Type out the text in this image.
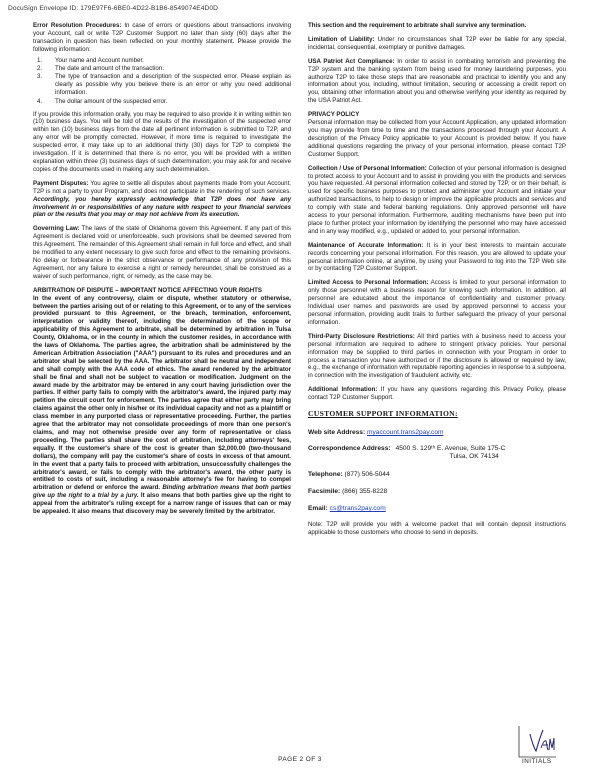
DocuSign Envelope ID: 179E97F6-6BE0-4D22-B1B6-8549074E4D0D
Error Resolution Procedures: In case of errors or questions about transactions involving your Account, call or write T2P Customer Support no later than sixty (60) days after the transaction in question has been reflected on your monthly statement. Please provide the following information:
1.	Your name and Account number.
2.	The date and amount of the transaction.
3.	The type of transaction and a description of the suspected error. Please explain as clearly as possible why you believe there is an error or why you need additional information.
4.	The dollar amount of the suspected error.
If you provide this information orally, you may be required to also provide it in writing within ten (10) business days. You will be told of the results of the investigation of the suspected error within ten (10) business days from the date all pertinent information is submitted to T2P, and any error will be promptly corrected. However, if more time is required to investigate the suspected error, it may take up to an additional thirty (30) days for T2P to complete the investigation. If it is determined that there is no error, you will be provided with a written explanation within three (3) business days of such determination; you may ask for and receive copies of the documents used in making any such determination.
Payment Disputes: You agree to settle all disputes about payments made from your Account. T2P is not a party to your Program, and does not participate in the rendering of such services. Accordingly, you hereby expressly acknowledge that T2P does not have any involvement in or responsibilities of any nature with respect to your financial services plan or the results that you may or may not achieve from its execution.
Governing Law: The laws of the state of Oklahoma govern this Agreement. If any part of this Agreement is declared void or unenforceable, such provisions shall be deemed severed from this Agreement. The remainder of this Agreement shall remain in full force and effect, and shall be modified to any extent necessary to give such force and effect to the remaining provisions. No delay or forbearance in the strict observance or performance of any provision of this Agreement, nor any failure to exercise a right or remedy hereunder, shall be construed as a waiver of such performance, right, or remedy, as the case may be.
ARBITRATION OF DISPUTE – IMPORTANT NOTICE AFFECTING YOUR RIGHTS
In the event of any controversy, claim or dispute, whether statutory or otherwise, between the parties arising out of or relating to this Agreement, or to any of the services provided pursuant to this Agreement, or the breach, termination, enforcement, interpretation or validity thereof, including the determination of the scope or applicability of this Agreement to arbitrate, shall be determined by arbitration in Tulsa County, Oklahoma, or in the county in which the customer resides, in accordance with the laws of Oklahoma. The parties agree, the arbitration shall be administered by the American Arbitration Association ("AAA") pursuant to its rules and procedures and an arbitrator shall be selected by the AAA. The arbitrator shall be neutral and independent and shall comply with the AAA code of ethics. The award rendered by the arbitrator shall be final and shall not be subject to vacation or modification. Judgment on the award made by the arbitrator may be entered in any court having jurisdiction over the parties. If either party fails to comply with the arbitrator's award, the injured party may petition the circuit court for enforcement. The parties agree that either party may bring claims against the other only in his/her or its individual capacity and not as a plaintiff or class member in any purported class or representative proceeding. Further, the parties agree that the arbitrator may not consolidate proceedings of more than one person's claims, and may not otherwise preside over any form of representative or class proceeding. The parties shall share the cost of arbitration, including attorneys' fees, equally. If the customer's share of the cost is greater than $2,000.00 (two-thousand dollars), the company will pay the customer's share of costs in excess of that amount. In the event that a party fails to proceed with arbitration, unsuccessfully challenges the arbitrator's award, or fails to comply with the arbitrator's award, the other party is entitled to costs of suit, including a reasonable attorney's fee for having to compel arbitration or defend or enforce the award. Binding arbitration means that both parties give up the right to a trial by a jury. It also means that both parties give up the right to appeal from the arbitrator's ruling except for a narrow range of issues that can or may be appealed. It also means that discovery may be severely limited by the arbitrator.
This section and the requirement to arbitrate shall survive any termination.
Limitation of Liability: Under no circumstances shall T2P ever be liable for any special, incidental, consequential, exemplary or punitive damages.
USA Patriot Act Compliance: In order to assist in combating terrorism and preventing the T2P system and the banking system from being used for money laundering purposes, you authorize T2P to take those steps that are reasonable and practical to identify you and any information about you, including, without limitation, securing or accessing a credit report on you, obtaining other information about you and otherwise verifying your identity as required by the USA Patriot Act.
PRIVACY POLICY
Personal information may be collected from your Account Application, any updated information you may provide from time to time and the transactions processed through your Account. A description of the Privacy Policy applicable to your Account is provided below. If you have additional questions regarding the privacy of your personal information, please contact T2P Customer Support.
Collection / Use of Personal Information: Collection of your personal information is designed to protect access to your Account and to assist in providing you with the products and services you have requested. All personal information collected and stored by T2P, or on their behalf, is used for specific business purposes to protect and administer your Account and initiate your authorized transactions, to help to design or improve the applicable products and services and to comply with state and federal banking regulations. Only approved personnel will have access to your personal information. Furthermore, auditing mechanisms have been put into place to further protect your information by identifying the personnel who may have accessed and in any way modified, e.g., updated or added to, your personal information.
Maintenance of Accurate Information: It is in your best interests to maintain accurate records concerning your personal information. For this reason, you are allowed to update your personal information online, at anytime, by using your Password to log into the T2P Web site or by contacting T2P Customer Support.
Limited Access to Personal Information: Access is limited to your personal information to only those personnel with a business reason for knowing such information. In addition, all personnel are educated about the importance of confidentiality and customer privacy. Individual user names and passwords are used by approved personnel to access your personal information, providing audit trails to further safeguard the privacy of your personal information.
Third-Party Disclosure Restrictions: All third parties with a business need to access your personal information are required to adhere to stringent privacy policies. Your personal information may be supplied to third parties in connection with your Program in order to process a transaction you have authorized or if the disclosure is allowed or required by law, e.g., the exchange of information with reputable reporting agencies in response to a subpoena, in connection with the investigation of fraudulent activity, etc.
Additional Information: If you have any questions regarding this Privacy Policy, please contact T2P Customer Support.
CUSTOMER SUPPORT INFORMATION:
Web site Address: myaccount.trans2pay.com
Correspondence Address: 4500 S. 129ᵗʰ E. Avenue, Suite 175-C
Tulsa, OK 74134
Telephone: (877) 506-5044
Facsimile: (866) 355-8228
Email: cs@trans2pay.com
Note: T2P will provide you with a welcome packet that will contain deposit instructions applicable to those customers who choose to send in deposits.
PAGE 2 OF 3	INITIALS
